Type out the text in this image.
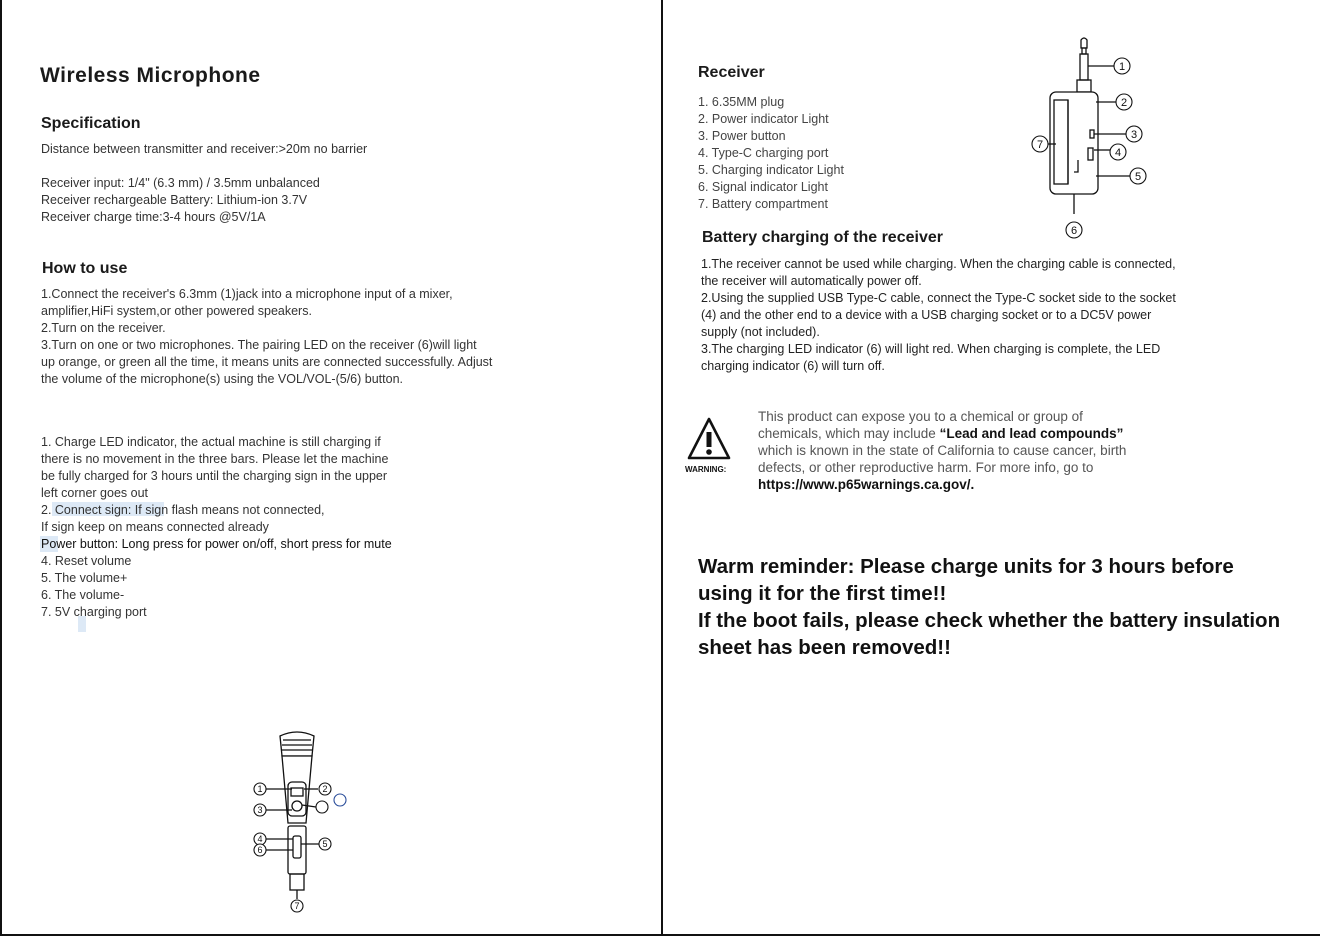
Wireless Microphone
Specification
Distance between transmitter and receiver:>20m no barrier
Receiver input: 1/4" (6.3 mm) / 3.5mm unbalanced
Receiver rechargeable Battery: Lithium-ion 3.7V
Receiver charge time:3-4 hours @5V/1A
How to use
1.Connect the receiver's 6.3mm (1)jack into a microphone input of a mixer,
amplifier,HiFi system,or other powered speakers.
2.Turn on the receiver.
3.Turn on one or two microphones. The pairing LED on the receiver (6)will light
up orange, or green all the time, it means units are connected successfully. Adjust
the volume of the microphone(s) using the VOL/VOL-(5/6) button.
1. Charge LED indicator, the actual machine is still charging if
there is no movement in the three bars. Please let the machine
be fully charged for 3 hours until the charging sign in the upper
left corner goes out
2. Connect sign: If sign flash means not connected,
If sign keep on means connected already
Power button: Long press for power on/off, short press for mute
4. Reset volume
5. The volume+
6. The volume-
7. 5V charging port
1	2
3
4	5
6
7
Receiver
1. 6.35MM plug
2. Power indicator Light
3. Power button
4. Type-C charging port
5. Charging indicator Light
6. Signal indicator Light
7. Battery compartment
1
2
3
4
5
6
7
Battery charging of the receiver
1.The receiver cannot be used while charging. When the charging cable is connected,
the receiver will automatically power off.
2.Using the supplied USB Type-C cable, connect the Type-C socket side to the socket
(4) and the other end to a device with a USB charging socket or to a DC5V power
supply (not included).
3.The charging LED indicator (6) will light red. When charging is complete, the LED
charging indicator (6) will turn off.
WARNING:
This product can expose you to a chemical or group of
chemicals, which may include “Lead and lead compounds”
which is known in the state of California to cause cancer, birth
defects, or other reproductive harm. For more info, go to
https://www.p65warnings.ca.gov/.
Warm reminder: Please charge units for 3 hours before
using it for the first time!!
If the boot fails, please check whether the battery insulation
sheet has been removed!!
